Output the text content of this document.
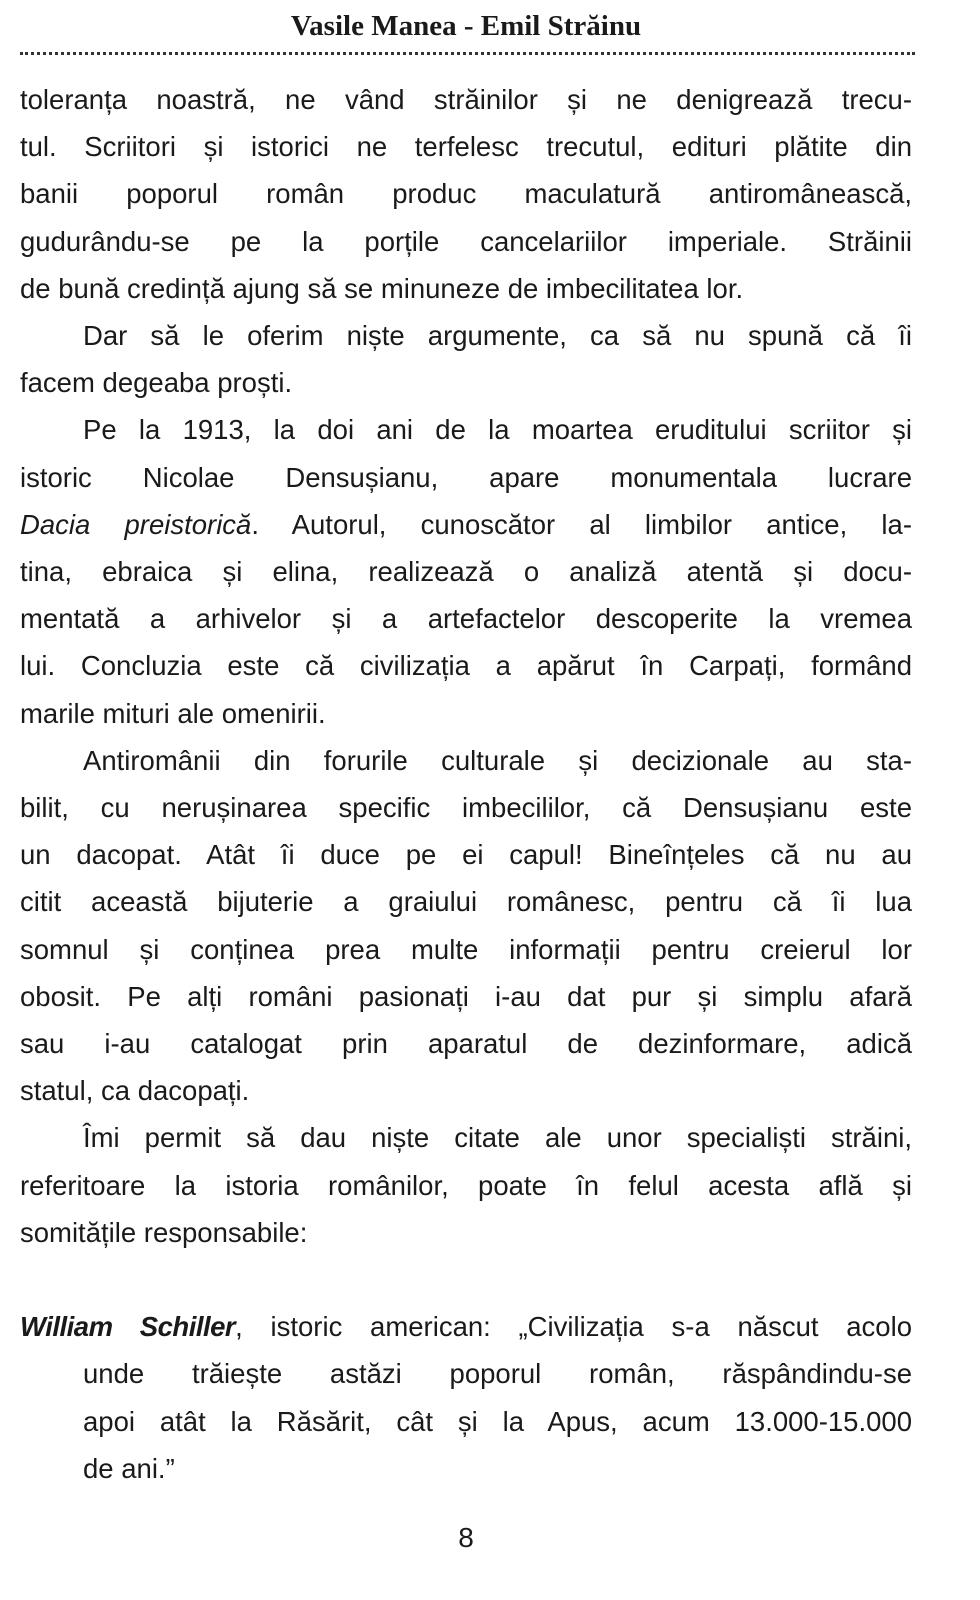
Vasile Manea - Emil Străinu
toleranța noastră, ne vând străinilor și ne denigrează trecu-
tul. Scriitori și istorici ne terfelesc trecutul, edituri plătite din
banii poporul român produc maculatură antiromânească,
gudurându-se pe la porțile cancelariilor imperiale. Străinii
de bună credință ajung să se minuneze de imbecilitatea lor.
Dar să le oferim niște argumente, ca să nu spună că îi
facem degeaba proști.
Pe la 1913, la doi ani de la moartea eruditului scriitor și
istoric Nicolae Densușianu, apare monumentala lucrare
Dacia preistorică. Autorul, cunoscător al limbilor antice, la-
tina, ebraica și elina, realizează o analiză atentă și docu-
mentată a arhivelor și a artefactelor descoperite la vremea
lui. Concluzia este că civilizația a apărut în Carpați, formând
marile mituri ale omenirii.
Antiromânii din forurile culturale și decizionale au sta-
bilit, cu nerușinarea specific imbecililor, că Densușianu este
un dacopat. Atât îi duce pe ei capul! Bineînțeles că nu au
citit această bijuterie a graiului românesc, pentru că îi lua
somnul și conținea prea multe informații pentru creierul lor
obosit. Pe alți români pasionați i-au dat pur și simplu afară
sau i-au catalogat prin aparatul de dezinformare, adică
statul, ca dacopați.
Îmi permit să dau niște citate ale unor specialiști străini,
referitoare la istoria românilor, poate în felul acesta află și
somitățile responsabile:
William Schiller, istoric american: „Civilizația s-a născut acolo
unde trăiește astăzi poporul român, răspândindu-se
apoi atât la Răsărit, cât și la Apus, acum 13.000-15.000
de ani.”
8
